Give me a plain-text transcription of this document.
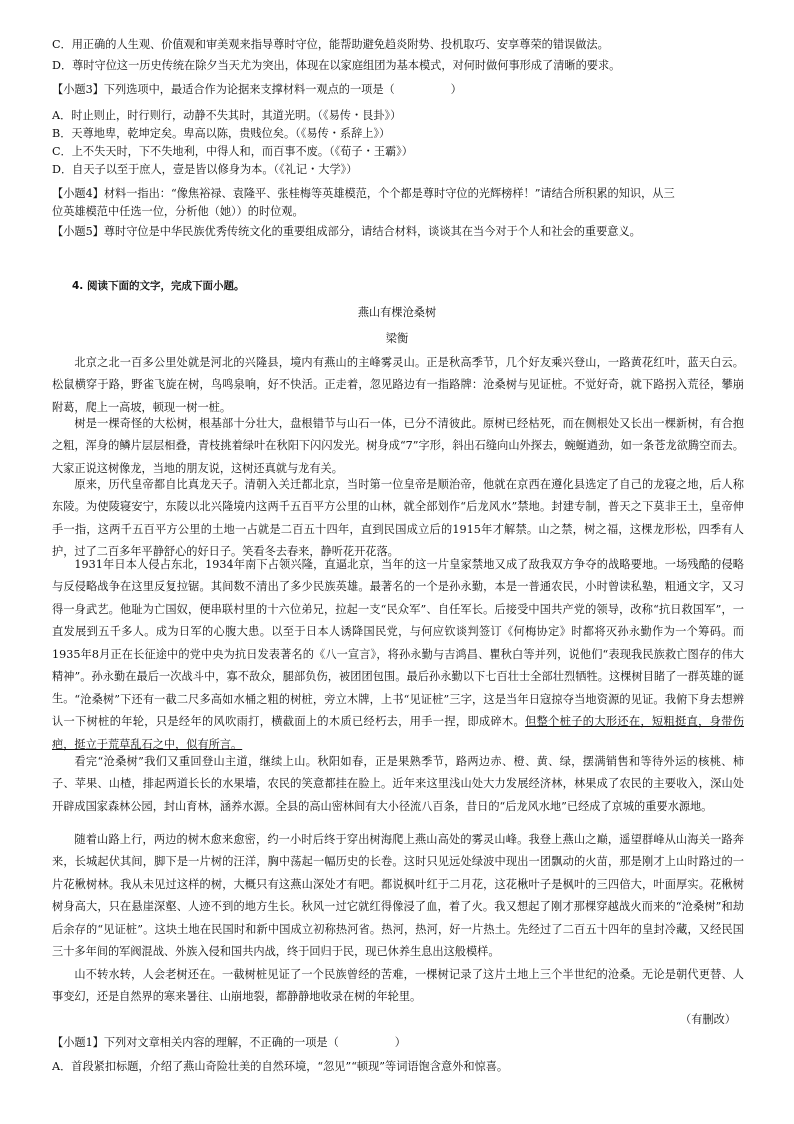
C．用正确的人生观、价值观和审美观来指导尊时守位，能帮助避免趋炎附势、投机取巧、安享尊荣的错误做法。
D．尊时守位这一历史传统在除夕当天尤为突出，体现在以家庭组团为基本模式，对何时做何事形成了清晰的要求。
【小题3】下列选项中，最适合作为论据来支撑材料一观点的一项是（　　　　　）
A．时止则止，时行则行，动静不失其时，其道光明。（《易传・艮卦》）
B．天尊地卑，乾坤定矣。卑高以陈，贵贱位矣。（《易传・系辞上》）
C．上不失天时，下不失地利，中得人和，而百事不废。（《荀子・王霸》）
D．自天子以至于庶人，壹是皆以修身为本。（《礼记・大学》）
【小题4】材料一指出：“像焦裕禄、袁隆平、张桂梅等英雄模范，个个都是尊时守位的光辉榜样！”请结合所积累的知识，从三
位英雄模范中任选一位，分析他（她））的时位观。
【小题5】尊时守位是中华民族优秀传统文化的重要组成部分，请结合材料，谈谈其在当今对于个人和社会的重要意义。
4. 阅读下面的文字，完成下面小题。
燕山有棵沧桑树
梁衡

北京之北一百多公里处就是河北的兴隆县，境内有燕山的主峰雾灵山。正是秋高季节，几个好友乘兴登山，一路黄花红叶，蓝天白云。松鼠横穿于路，野雀飞旋在树，鸟鸣泉响，好不快活。正走着，忽见路边有一指路牌：沧桑树与见证桩。不觉好奇，就下路拐入荒径，攀崩附葛，爬上一高坡，顿现一树一桩。

树是一棵奇怪的大松树，根基部十分壮大，盘根错节与山石一体，已分不清彼此。原树已经枯死，而在侧根处又长出一棵新树，有合抱之粗，浑身的鳞片层层相叠，青枝挑着绿叶在秋阳下闪闪发光。树身成“7”字形，斜出石缝向山外探去，蜿蜒遒劲，如一条苍龙欲腾空而去。大家正说这树像龙，当地的朋友说，这树还真就与龙有关。

原来，历代皇帝都自比真龙天子。清朝入关迁都北京，当时第一位皇帝是顺治帝，他就在京西在遵化县选定了自己的龙寝之地，后人称东陵。为使陵寝安宁，东陵以北兴隆境内这两千五百平方公里的山林，就全部划作“后龙风水”禁地。封建专制，普天之下莫非王土，皇帝伸手一指，这两千五百平方公里的土地一占就是二百五十四年，直到民国成立后的1915年才解禁。山之禁，树之福，这棵龙形松，四季有人护，过了二百多年平静舒心的好日子。笑看冬去春来，静听花开花落。

1931年日本人侵占东北，1934年南下占领兴隆，直逼北京，当年的这一片皇家禁地又成了敌我双方争夺的战略要地。一场残酷的侵略与反侵略战争在这里反复拉锯。其间数不清出了多少民族英雄。最著名的一个是孙永勤，本是一普通农民，小时曾读私塾，粗通文字，又习得一身武艺。他耻为亡国奴，便串联村里的十六位弟兄，拉起一支“民众军”、自任军长。后接受中国共产党的领导，改称“抗日救国军”，一直发展到五千多人。成为日军的心腹大患。以至于日本人诱降国民党，与何应钦谈判签订《何梅协定》时都将灭孙永勤作为一个筹码。而1935年8月正在长征途中的党中央为抗日发表著名的《八一宣言》，将孙永勤与吉鸿昌、瞿秋白等并列，说他们“表现我民族救亡图存的伟大精神”。孙永勤在最后一次战斗中，寡不敌众，腿部负伤，被团团包围。最后孙永勤以下七百壮士全部壮烈牺牲。这棵树目睹了一群英雄的诞生。 “沧桑树”下还有一截二尺多高如水桶之粗的树桩，旁立木牌，上书“见证桩”三字，这是当年日寇掠夺当地资源的见证。我俯下身去想辨认一下树桩的年轮，只是经年的风吹雨打，横截面上的木质已经朽去，用手一捏，即成碎木。但整个桩子的大形还在，短粗挺直，身带伤疤，挺立于荒草乱石之中，似有所言。

看完“沧桑树”我们又重回登山主道，继续上山。秋阳如春，正是果熟季节，路两边赤、橙、黄、绿，摆满销售和等待外运的核桃、柿子、苹果、山楂，排起两道长长的水果墙，农民的笑意都挂在脸上。近年来这里浅山处大力发展经济林，林果成了农民的主要收入，深山处开辟成国家森林公园，封山育林，涵养水源。全县的高山密林间有大小径流八百条，昔日的“后龙风水地”已经成了京城的重要水源地。

随着山路上行，两边的树木愈来愈密，约一小时后终于穿出树海爬上燕山高处的雾灵山峰。我登上燕山之巅，遥望群峰从山海关一路奔来，长城起伏其间，脚下是一片树的汪洋，胸中荡起一幅历史的长卷。这时只见远处绿波中现出一团飘动的火苗，那是刚才上山时路过的一片花楸树林。我从未见过这样的树，大概只有这燕山深处才有吧。都说枫叶红于二月花，这花楸叶子是枫叶的三四倍大，叶面厚实。花楸树树身高大，只在悬崖深壑、人迹不到的地方生长。秋风一过它就红得像浸了血，着了火。我又想起了刚才那棵穿越战火而来的“沧桑树”和劫后余存的“见证桩”。这块土地在民国时和新中国成立初称热河省。热河，热河，好一片热土。先经过了二百五十四年的皇封冷藏，又经民国三十多年间的军阀混战、外族入侵和国共内战，终于回归于民，现已休养生息出这般模样。

山不转水转，人会老树还在。一截树桩见证了一个民族曾经的苦难，一棵树记录了这片土地上三个半世纪的沧桑。无论是朝代更替、人事变幻，还是自然界的寒来暑往、山崩地裂，都静静地收录在树的年轮里。

（有删改）
【小题1】下列对文章相关内容的理解，不正确的一项是（　　　　　）
A．首段紧扣标题，介绍了燕山奇险壮美的自然环境，“忽见”“顿现”等词语饱含意外和惊喜。
